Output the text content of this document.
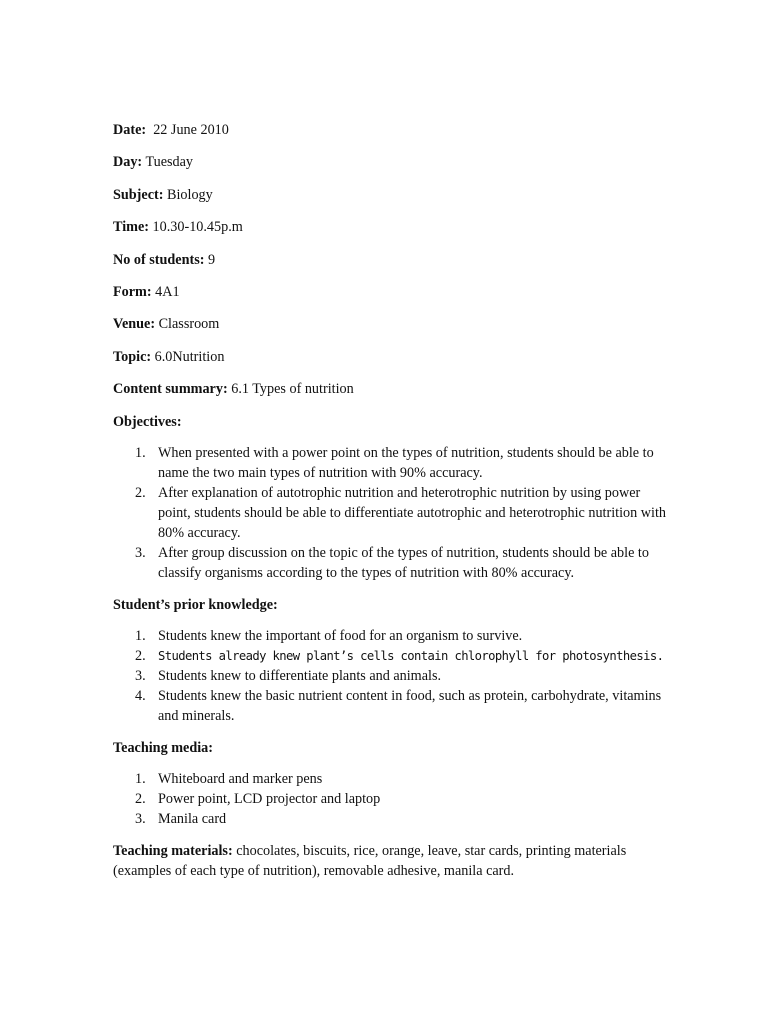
Date:  22 June 2010
Day: Tuesday
Subject: Biology
Time: 10.30-10.45p.m
No of students: 9
Form: 4A1
Venue: Classroom
Topic: 6.0Nutrition
Content summary: 6.1 Types of nutrition
Objectives:
1. When presented with a power point on the types of nutrition, students should be able to name the two main types of nutrition with 90% accuracy.
2. After explanation of autotrophic nutrition and heterotrophic nutrition by using power point, students should be able to differentiate autotrophic and heterotrophic nutrition with 80% accuracy.
3. After group discussion on the topic of the types of nutrition, students should be able to classify organisms according to the types of nutrition with 80% accuracy.
Student’s prior knowledge:
1. Students knew the important of food for an organism to survive.
2. Students already knew plant’s cells contain chlorophyll for photosynthesis.
3. Students knew to differentiate plants and animals.
4. Students knew the basic nutrient content in food, such as protein, carbohydrate, vitamins and minerals.
Teaching media:
1. Whiteboard and marker pens
2. Power point, LCD projector and laptop
3. Manila card

Teaching materials: chocolates, biscuits, rice, orange, leave, star cards, printing materials (examples of each type of nutrition), removable adhesive, manila card.
